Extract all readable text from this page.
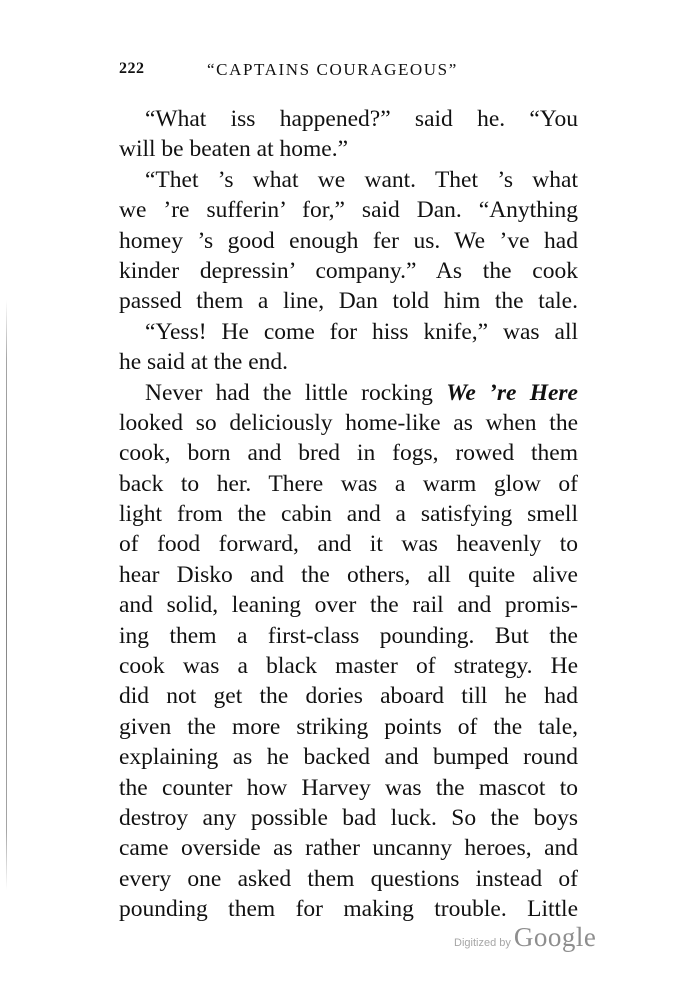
222	“CAPTAINS COURAGEOUS”
“What iss happened?” said he. “You
will be beaten at home.”
“Thet ’s what we want. Thet ’s what
we ’re sufferin’ for,” said Dan. “Anything
homey ’s good enough fer us. We ’ve had
kinder depressin’ company.” As the cook
passed them a line, Dan told him the tale.
“Yess! He come for hiss knife,” was all
he said at the end.
Never had the little rocking We ’re Here
looked so deliciously home-like as when the
cook, born and bred in fogs, rowed them
back to her. There was a warm glow of
light from the cabin and a satisfying smell
of food forward, and it was heavenly to
hear Disko and the others, all quite alive
and solid, leaning over the rail and promis-
ing them a first-class pounding. But the
cook was a black master of strategy. He
did not get the dories aboard till he had
given the more striking points of the tale,
explaining as he backed and bumped round
the counter how Harvey was the mascot to
destroy any possible bad luck. So the boys
came overside as rather uncanny heroes, and
every one asked them questions instead of
pounding them for making trouble. Little
Digitized by Google
